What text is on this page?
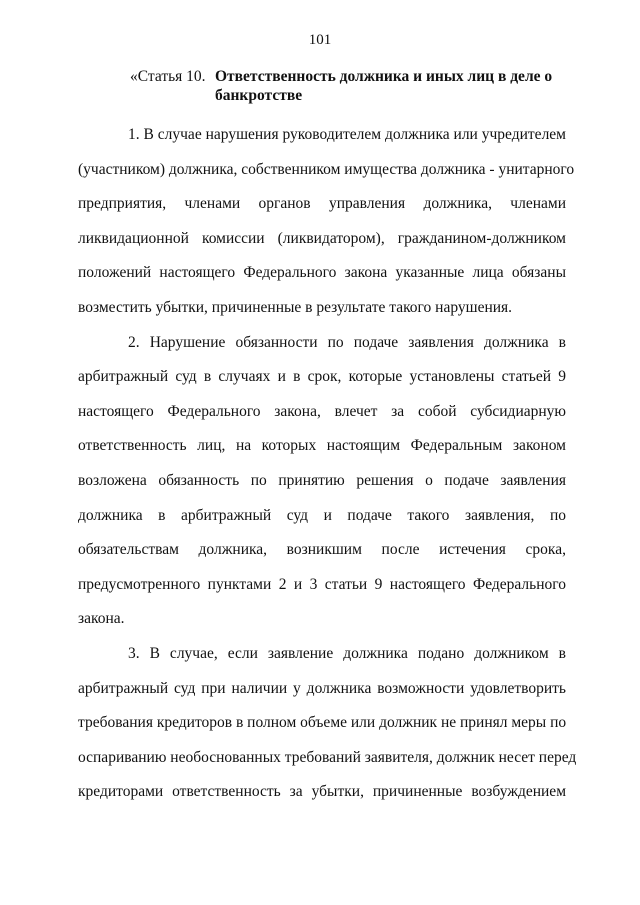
101
«Статья 10. Ответственность должника и иных лиц в деле о банкротстве

1. В случае нарушения руководителем должника или учредителем
(участником) должника, собственником имущества должника - унитарного
предприятия, членами органов управления должника, членами
ликвидационной комиссии (ликвидатором), гражданином-должником
положений настоящего Федерального закона указанные лица обязаны
возместить убытки, причиненные в результате такого нарушения.

2. Нарушение обязанности по подаче заявления должника в
арбитражный суд в случаях и в срок, которые установлены статьей 9
настоящего Федерального закона, влечет за собой субсидиарную
ответственность лиц, на которых настоящим Федеральным законом
возложена обязанность по принятию решения о подаче заявления
должника в арбитражный суд и подаче такого заявления, по
обязательствам должника, возникшим после истечения срока,
предусмотренного пунктами 2 и 3 статьи 9 настоящего Федерального
закона.

3. В случае, если заявление должника подано должником в
арбитражный суд при наличии у должника возможности удовлетворить
требования кредиторов в полном объеме или должник не принял меры по
оспариванию необоснованных требований заявителя, должник несет перед
кредиторами ответственность за убытки, причиненные возбуждением
